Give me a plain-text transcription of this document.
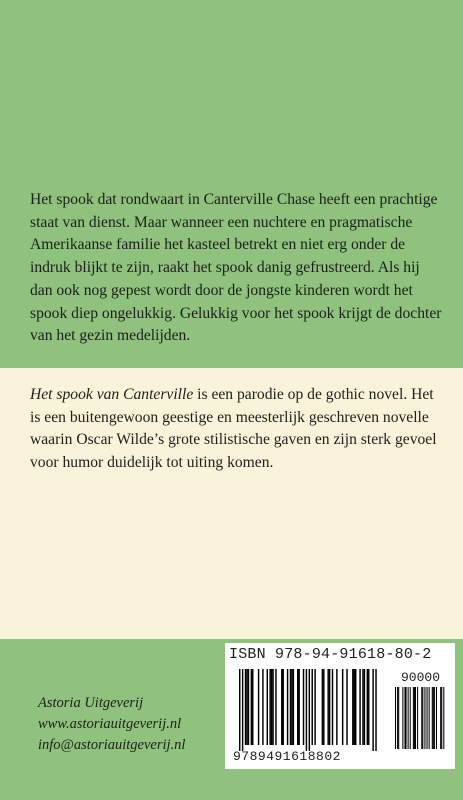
Het spook dat rondwaart in Canterville Chase heeft een prachtige staat van dienst. Maar wanneer een nuchtere en pragmatische Amerikaanse familie het kasteel betrekt en niet erg onder de indruk blijkt te zijn, raakt het spook danig gefrustreerd. Als hij dan ook nog gepest wordt door de jongste kinderen wordt het spook diep ongelukkig. Gelukkig voor het spook krijgt de dochter van het gezin medelijden.

Het spook van Canterville is een parodie op de gothic novel. Het is een buitengewoon geestige en meesterlijk geschreven novelle waarin Oscar Wilde’s grote stilistische gaven en zijn sterk gevoel voor humor duidelijk tot uiting komen.

Astoria Uitgeverij
www.astoriauitgeverij.nl
info@astoriauitgeverij.nl
ISBN 978-94-91618-80-2
90000
9789491618802
